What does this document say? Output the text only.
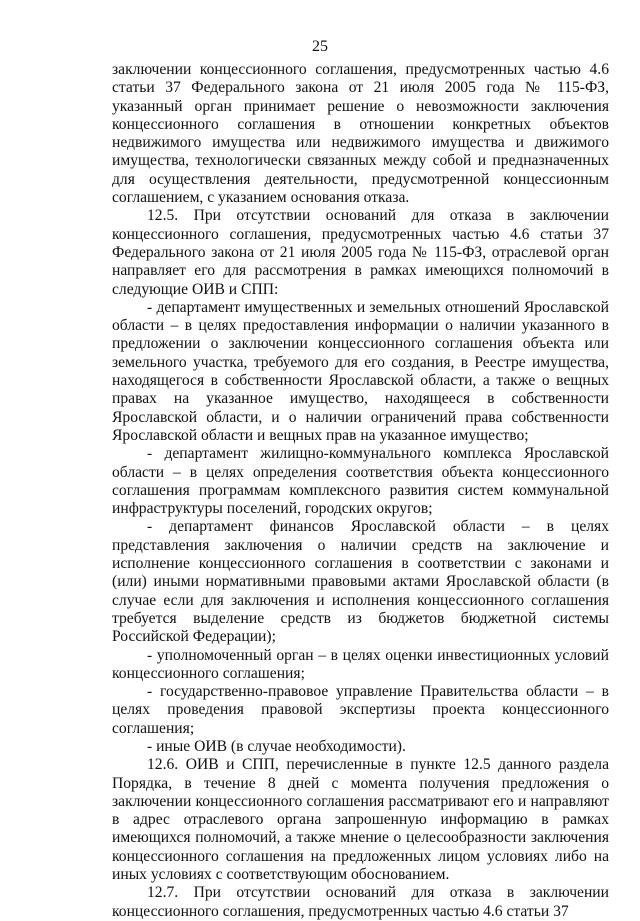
25

заключении концессионного соглашения, предусмотренных частью 4.6 статьи 37 Федерального закона от 21 июля 2005 года № 115-ФЗ, указанный орган принимает решение о невозможности заключения концессионного соглашения в отношении конкретных объектов недвижимого имущества или недвижимого имущества и движимого имущества, технологически связанных между собой и предназначенных для осуществления деятельности, предусмотренной концессионным соглашением, с указанием основания отказа.

12.5. При отсутствии оснований для отказа в заключении концессионного соглашения, предусмотренных частью 4.6 статьи 37 Федерального закона от 21 июля 2005 года № 115-ФЗ, отраслевой орган направляет его для рассмотрения в рамках имеющихся полномочий в следующие ОИВ и СПП:

- департамент имущественных и земельных отношений Ярославской области – в целях предоставления информации о наличии указанного в предложении о заключении концессионного соглашения объекта или земельного участка, требуемого для его создания, в Реестре имущества, находящегося в собственности Ярославской области, а также о вещных правах на указанное имущество, находящееся в собственности Ярославской области, и о наличии ограничений права собственности Ярославской области и вещных прав на указанное имущество;

- департамент жилищно-коммунального комплекса Ярославской области – в целях определения соответствия объекта концессионного соглашения программам комплексного развития систем коммунальной инфраструктуры поселений, городских округов;

- департамент финансов Ярославской области – в целях представления заключения о наличии средств на заключение и исполнение концессионного соглашения в соответствии с законами и (или) иными нормативными правовыми актами Ярославской области (в случае если для заключения и исполнения концессионного соглашения требуется выделение средств из бюджетов бюджетной системы Российской Федерации);

- уполномоченный орган – в целях оценки инвестиционных условий концессионного соглашения;

- государственно-правовое управление Правительства области – в целях проведения правовой экспертизы проекта концессионного соглашения;

- иные ОИВ (в случае необходимости).

12.6. ОИВ и СПП, перечисленные в пункте 12.5 данного раздела Порядка, в течение 8 дней с момента получения предложения о заключении концессионного соглашения рассматривают его и направляют в адрес отраслевого органа запрошенную информацию в рамках имеющихся полномочий, а также мнение о целесообразности заключения концессионного соглашения на предложенных лицом условиях либо на иных условиях с соответствующим обоснованием.

12.7. При отсутствии оснований для отказа в заключении концессионного соглашения, предусмотренных частью 4.6 статьи 37
